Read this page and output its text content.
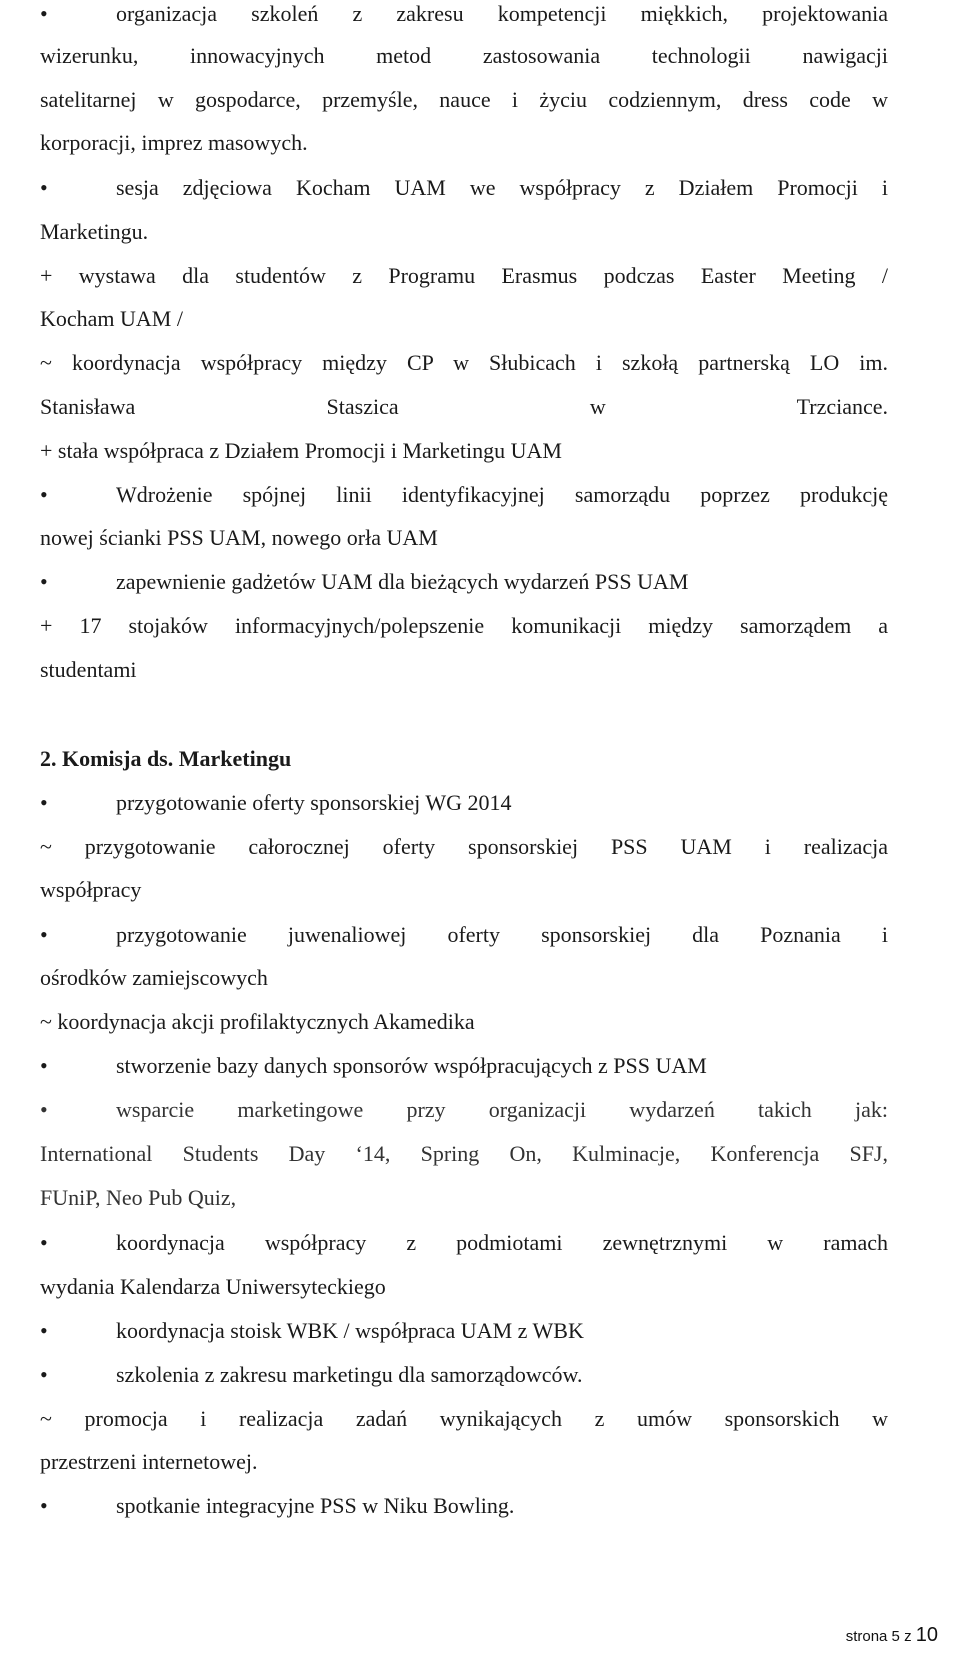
•	organizacja szkoleń z zakresu kompetencji miękkich, projektowania
wizerunku, innowacyjnych metod zastosowania technologii nawigacji
satelitarnej w gospodarce, przemyśle, nauce i życiu codziennym, dress code w
korporacji, imprez masowych.
•	sesja zdjęciowa Kocham UAM we współpracy z Działem Promocji i
Marketingu.
+ wystawa dla studentów z Programu Erasmus podczas Easter Meeting /
Kocham UAM /
~ koordynacja współpracy między CP w Słubicach i szkołą partnerską LO im.
Stanisława Staszica w Trzciance.
+ stała współpraca z Działem Promocji i Marketingu UAM
•	Wdrożenie spójnej linii identyfikacyjnej samorządu poprzez produkcję
nowej ścianki PSS UAM, nowego orła UAM
•	zapewnienie gadżetów UAM dla bieżących wydarzeń PSS UAM
+ 17 stojaków informacyjnych/polepszenie komunikacji między samorządem a
studentami
2. Komisja ds. Marketingu
•	przygotowanie oferty sponsorskiej WG 2014
~ przygotowanie całorocznej oferty sponsorskiej PSS UAM i realizacja
współpracy
•	przygotowanie juwenaliowej oferty sponsorskiej dla Poznania i
ośrodków zamiejscowych
~ koordynacja akcji profilaktycznych Akamedika
•	stworzenie bazy danych sponsorów współpracujących z PSS UAM
•	wsparcie marketingowe przy organizacji wydarzeń takich jak:
International Students Day ‘14, Spring On, Kulminacje, Konferencja SFJ,
FUniP, Neo Pub Quiz,
•	koordynacja współpracy z podmiotami zewnętrznymi w ramach
wydania Kalendarza Uniwersyteckiego
•	koordynacja stoisk WBK / współpraca UAM z WBK
•	szkolenia z zakresu marketingu dla samorządowców.
~ promocja i realizacja zadań wynikających z umów sponsorskich w
przestrzeni internetowej.
•	spotkanie integracyjne PSS w Niku Bowling.
strona 5 z 10
